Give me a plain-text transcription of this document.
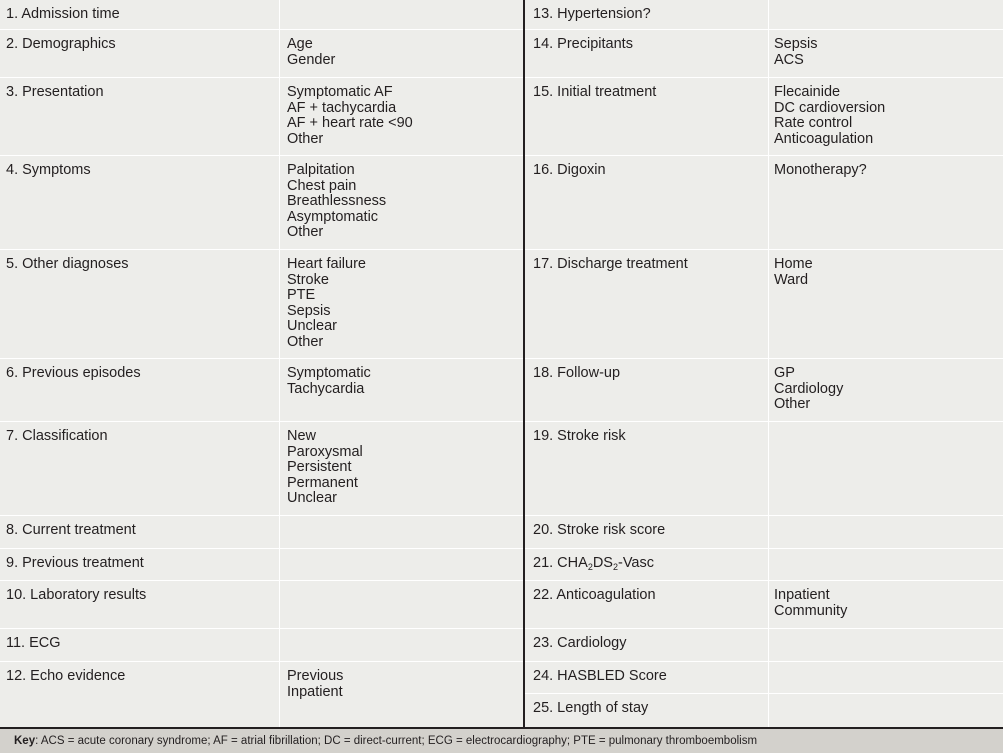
1. Admission time
2. Demographics	Age
Gender
3. Presentation	Symptomatic AF
AF + tachycardia
AF + heart rate <90
Other
4. Symptoms	Palpitation
Chest pain
Breathlessness
Asymptomatic
Other
5. Other diagnoses	Heart failure
Stroke
PTE
Sepsis
Unclear
Other
6. Previous episodes	Symptomatic
Tachycardia
7. Classification	New
Paroxysmal
Persistent
Permanent
Unclear
8. Current treatment
9. Previous treatment
10. Laboratory results
11. ECG
12. Echo evidence	Previous
Inpatient
13. Hypertension?
14. Precipitants	Sepsis
ACS
15. Initial treatment	Flecainide
DC cardioversion
Rate control
Anticoagulation
16. Digoxin	Monotherapy?
17. Discharge treatment	Home
Ward
18. Follow-up	GP
Cardiology
Other
19. Stroke risk
20. Stroke risk score
21. $CHA_2DS_2$-Vasc
22. Anticoagulation	Inpatient
Community
23. Cardiology
24. HASBLED Score
25. Length of stay
Key: ACS = acute coronary syndrome; AF = atrial fibrillation; DC = direct-current; ECG = electrocardiography; PTE = pulmonary thromboembolism
